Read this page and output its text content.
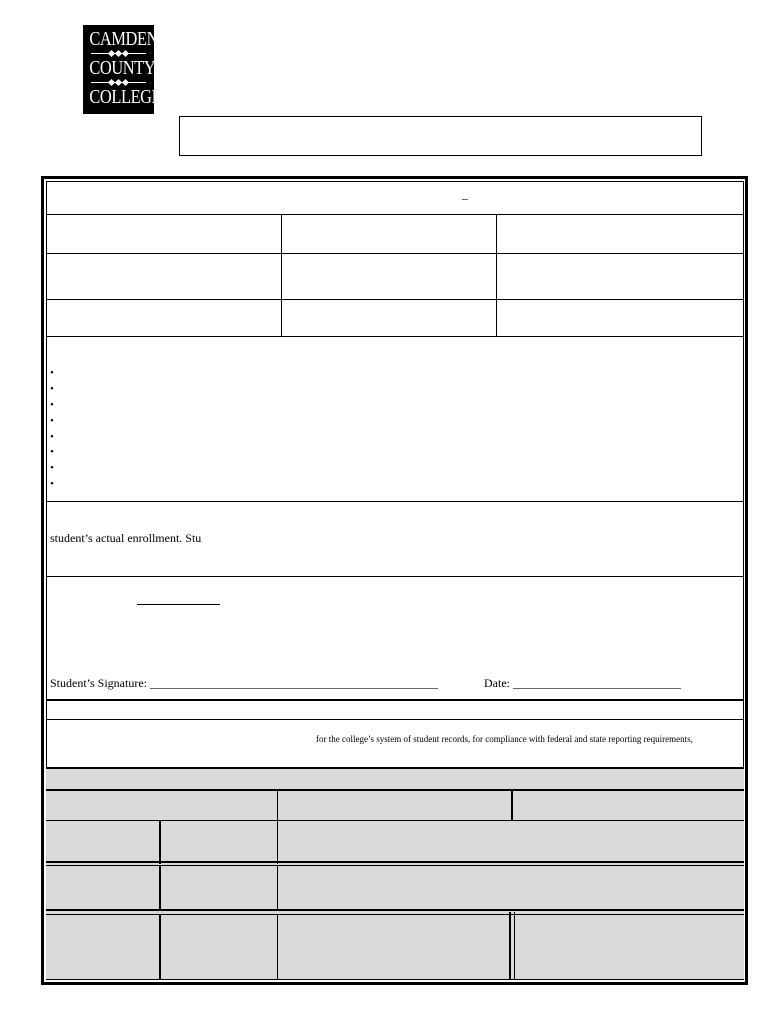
CAMDEN
COUNTY
COLLEGE
–
•
•
•
•
•
•
•
•
student’s actual enrollment. Stu
Student’s Signature: ________________________________________________	Date: ____________________________
for the college’s system of student records, for compliance with federal and state reporting requirements,
